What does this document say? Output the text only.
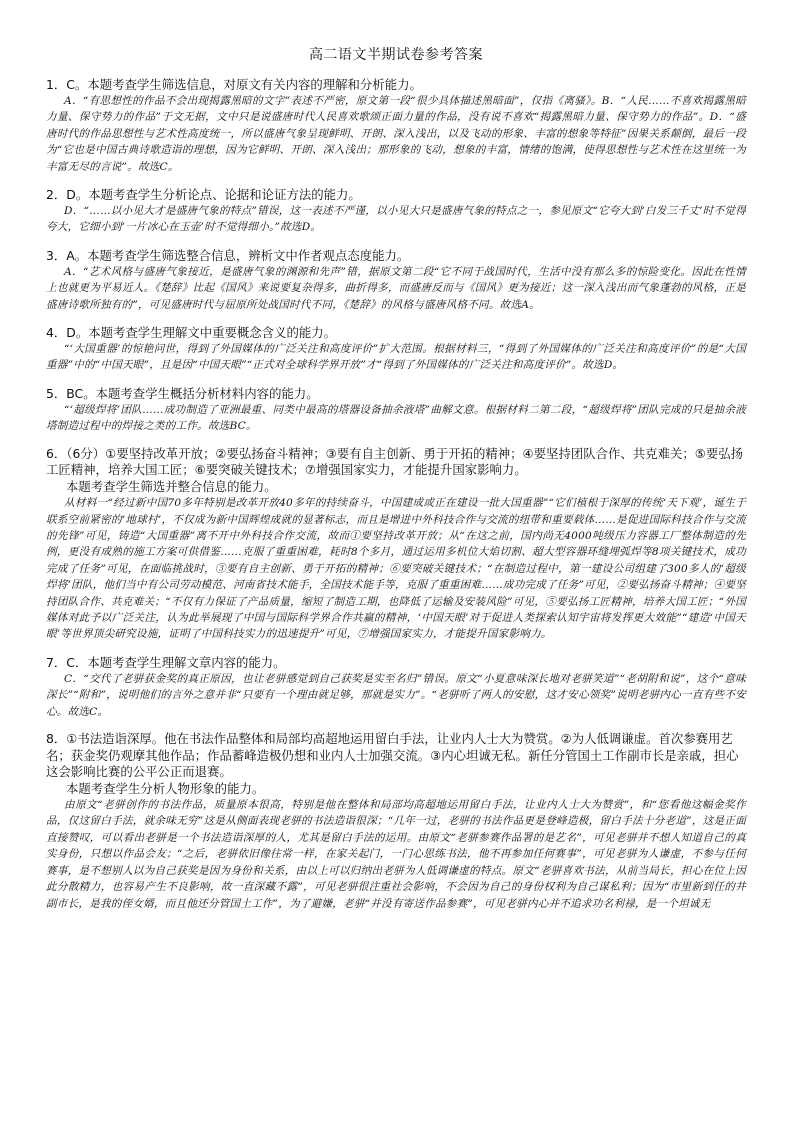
高二语文半期试卷参考答案

1．C。本题考查学生筛选信息，对原文有关内容的理解和分析能力。

A．“有思想性的作品不会出现揭露黑暗的文字”表述不严密，原文第一段“很少具体描述黑暗面”，仅指《离骚》。B．“人民……不喜欢揭露黑暗力量、保守势力的作品”于文无据，文中只是说盛唐时代人民喜欢歌颂正面力量的作品，没有说不喜欢“揭露黑暗力量、保守势力的作品”。D．“盛唐时代的作品思想性与艺术性高度统一，所以盛唐气象呈现鲜明、开朗、深入浅出，以及飞动的形象、丰富的想象等特征”因果关系颠倒，最后一段为“它也是中国古典诗歌造诣的理想，因为它鲜明、开朗、深入浅出；那形象的飞动，想象的丰富，情绪的饱满，使得思想性与艺术性在这里统一为丰富无尽的言说”。故选C。

2．D。本题考查学生分析论点、论据和论证方法的能力。

D．“……以小见大才是盛唐气象的特点”错误，这一表述不严谨，以小见大只是盛唐气象的特点之一，参见原文“它夸大到‘白发三千丈’时不觉得夸大，它细小到‘一片冰心在玉壶’时不觉得细小。”故选D。

3．A。本题考查学生筛选整合信息，辨析文中作者观点态度能力。

A．“艺术风格与盛唐气象接近，是盛唐气象的渊源和先声”错，据原文第二段“它不同于战国时代，生活中没有那么多的惊险变化。因此在性情上也就更为平易近人。《楚辞》比起《国风》来说要复杂得多，曲折得多，而盛唐反而与《国风》更为接近；这一深入浅出而气象蓬勃的风格，正是盛唐诗歌所独有的”，可见盛唐时代与屈原所处战国时代不同，《楚辞》的风格与盛唐风格不同。故选A。

4．D。本题考查学生理解文中重要概念含义的能力。

“‘大国重器’的惊艳问世，得到了外国媒体的广泛关注和高度评价”扩大范围。根据材料三，“得到了外国媒体的广泛关注和高度评价”的是“大国重器”中的“中国天眼”，且是因“中国天眼”“正式对全球科学界开放”才“得到了外国媒体的广泛关注和高度评价”。故选D。

5．BC。本题考查学生概括分析材料内容的能力。

“‘超级焊将’团队……成功制造了亚洲最重、同类中最高的塔器设备抽余液塔”曲解文意。根据材料二第二段，“超级焊将”团队完成的只是抽余液塔制造过程中的焊接之类的工作。故选BC。

6．（6分）①要坚持改革开放；②要弘扬奋斗精神；③要有自主创新、勇于开拓的精神；④要坚持团队合作、共克难关；⑤要弘扬工匠精神，培养大国工匠；⑥要突破关键技术；⑦增强国家实力，才能提升国家影响力。

本题考查学生筛选并整合信息的能力。

从材料一“经过新中国70多年特别是改革开放40多年的持续奋斗，中国建成或正在建设一批大国重器”“它们植根于深厚的传统‘天下观’，诞生于联系空前紧密的‘地球村’，不仅成为新中国辉煌成就的显著标志，而且是增进中外科技合作与交流的纽带和重要载体……是促进国际科技合作与交流的先锋”可见，铸造“大国重器”离不开中外科技合作交流，故而①要坚持改革开放；从“在这之前，国内尚无4000吨级压力容器工厂整体制造的先例，更没有成熟的施工方案可供借鉴……克服了重重困难，耗时8个多月，通过运用多机位大焰切割、超大型容器环缝埋弧焊等8项关键技术，成功完成了任务”可见，在面临挑战时，③要有自主创新、勇于开拓的精神；⑥要突破关键技术；“在制造过程中，第一建设公司组建了300多人的‘超级焊将’团队，他们当中有公司劳动模范、河南省技术能手，全国技术能手等，克服了重重困难……成功完成了任务”可见，②要弘扬奋斗精神；④要坚持团队合作、共克难关；“不仅有力保证了产品质量，缩短了制造工期，也降低了运输及安装风险”可见，⑤要弘扬工匠精神，培养大国工匠；“外国媒体对此予以广泛关注，认为此举展现了中国与国际科学界合作共赢的精神，‘中国天眼’对于促进人类探索认知宇宙将发挥更大效能”“建造‘中国天眼’等世界顶尖研究设施，证明了中国科技实力的迅速提升”可见，⑦增强国家实力，才能提升国家影响力。

7．C．本题考查学生理解文章内容的能力。

C．“交代了老骈获金奖的真正原因，也让老骈感觉到自己获奖是实至名归”错误。原文“小夏意味深长地对老骈笑道”“老胡附和说”，这个“意味深长”“附和”，说明他们的言外之意并非“只要有一个理由就足够，那就是实力”。“老骈听了两人的安慰，这才安心领奖”说明老骈内心一直有些不安心。故选C。

8．①书法造诣深厚。他在书法作品整体和局部均高超地运用留白手法，让业内人士大为赞赏。②为人低调谦虚。首次参赛用艺名；获金奖仍观摩其他作品；作品蓄峰造极仍想和业内人士加强交流。③内心坦诚无私。新任分管国土工作副市长是亲戚，担心这会影响比赛的公平公正而退赛。

本题考查学生分析人物形象的能力。

由原文“老骈创作的书法作品，质量原本很高，特别是他在整体和局部均高超地运用留白手法，让业内人士大为赞赏”，和“您看他这幅金奖作品，仅这留白手法，就余味无穷”这是从侧面表现老骈的书法造诣很深；“几年一过，老骈的书法作品更是登峰造极，留白手法十分老道”，这是正面直接赞叹，可以看出老骈是一个书法造诣深厚的人，尤其是留白手法的运用。由原文“老骈参赛作品署的是艺名”，可见老骈并不想人知道自己的真实身份，只想以作品会友；“之后，老骈依旧像往常一样，在家关起门，一门心思练书法，他不再参加任何赛事”，可见老骈为人谦虚，不参与任何赛事，是不想别人以为自己获奖是因为身份和关系，由以上可以归纳出老骈为人低调谦虚的特点。原文“老骈喜欢书法，从前当局长，担心在位上因此分散精力，也容易产生不良影响，故一直深藏不露”，可见老骈很注重社会影响，不会因为自己的身份权利为自己谋私利；因为“市里新到任的井副市长，是我的侄女婿，而且他还分管国土工作”，为了避嫌，老骈“并没有寄送作品参赛”，可见老骈内心并不追求功名利禄，是一个坦诚无
